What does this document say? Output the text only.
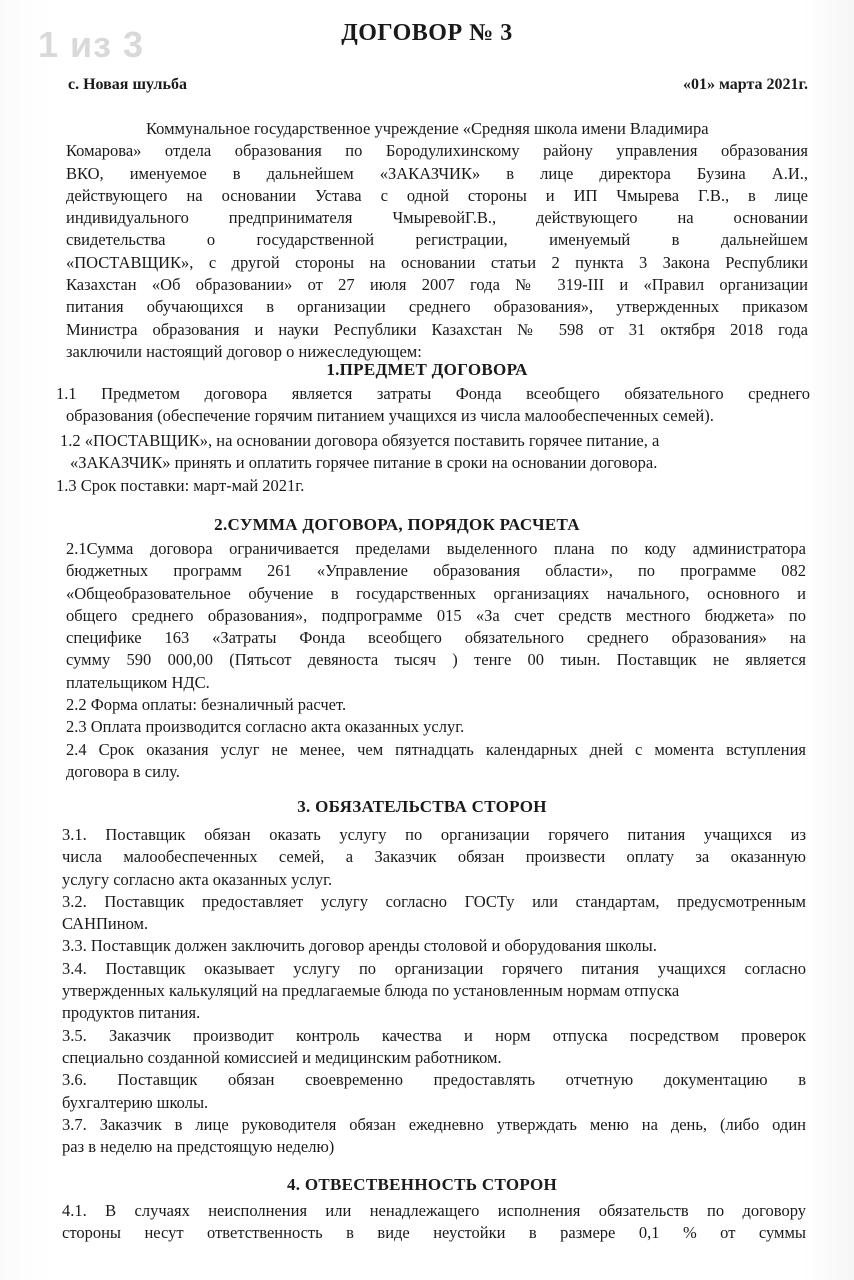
1 из 3	ДОГОВОР № 3
с. Новая шульба	«01» марта 2021г.
Коммунальное государственное учреждение «Средняя школа имени Владимира
Комарова» отдела образования по Бородулихинскому району управления образования
ВКО, именуемое в дальнейшем «ЗАКАЗЧИК» в лице директора Бузина А.И.,
действующего на основании Устава с одной стороны и ИП Чмырева Г.В., в лице
индивидуального предпринимателя ЧмыревойГ.В., действующего на основании
свидетельства о государственной регистрации, именуемый в дальнейшем
«ПОСТАВЩИК», с другой стороны на основании статьи 2 пункта 3 Закона Республики
Казахстан «Об образовании» от 27 июля 2007 года № 319-III и «Правил организации
питания обучающихся в организации среднего образования», утвержденных приказом
Министра образования и науки Республики Казахстан № 598 от 31 октября 2018 года
заключили настоящий договор о нижеследующем:
1.ПРЕДМЕТ ДОГОВОРА
1.1 Предметом договора является затраты Фонда всеобщего обязательного среднего
образования (обеспечение горячим питанием учащихся из числа малообеспеченных семей).
1.2 «ПОСТАВЩИК», на основании договора обязуется поставить горячее питание, а
«ЗАКАЗЧИК» принять и оплатить горячее питание в сроки на основании договора.
1.3 Срок поставки: март-май 2021г.
2.СУММА ДОГОВОРА, ПОРЯДОК РАСЧЕТА
2.1Сумма договора ограничивается пределами выделенного плана по коду администратора
бюджетных программ 261 «Управление образования области», по программе 082
«Общеобразовательное обучение в государственных организациях начального, основного и
общего среднего образования», подпрограмме 015 «За счет средств местного бюджета» по
специфике 163 «Затраты Фонда всеобщего обязательного среднего образования» на
сумму 590 000,00 (Пятьсот девяноста тысяч ) тенге 00 тиын. Поставщик не является
плательщиком НДС.
2.2 Форма оплаты: безналичный расчет.
2.3 Оплата производится согласно акта оказанных услуг.
2.4 Срок оказания услуг не менее, чем пятнадцать календарных дней с момента вступления
договора в силу.
3. ОБЯЗАТЕЛЬСТВА СТОРОН
3.1. Поставщик обязан оказать услугу по организации горячего питания учащихся из
числа малообеспеченных семей, а Заказчик обязан произвести оплату за оказанную
услугу согласно акта оказанных услуг.
3.2. Поставщик предоставляет услугу согласно ГОСТу или стандартам, предусмотренным
САНПином.
3.3. Поставщик должен заключить договор аренды столовой и оборудования школы.
3.4. Поставщик оказывает услугу по организации горячего питания учащихся согласно
утвержденных калькуляций на предлагаемые блюда по установленным нормам отпуска
продуктов питания.
3.5. Заказчик производит контроль качества и норм отпуска посредством проверок
специально созданной комиссией и медицинским работником.
3.6. Поставщик обязан своевременно предоставлять отчетную документацию в
бухгалтерию школы.
3.7. Заказчик в лице руководителя обязан ежедневно утверждать меню на день, (либо один
раз в неделю на предстоящую неделю)
4. ОТВЕСТВЕННОСТЬ СТОРОН
4.1. В случаях неисполнения или ненадлежащего исполнения обязательств по договору
стороны несут ответственность в виде неустойки в размере 0,1 % от суммы
